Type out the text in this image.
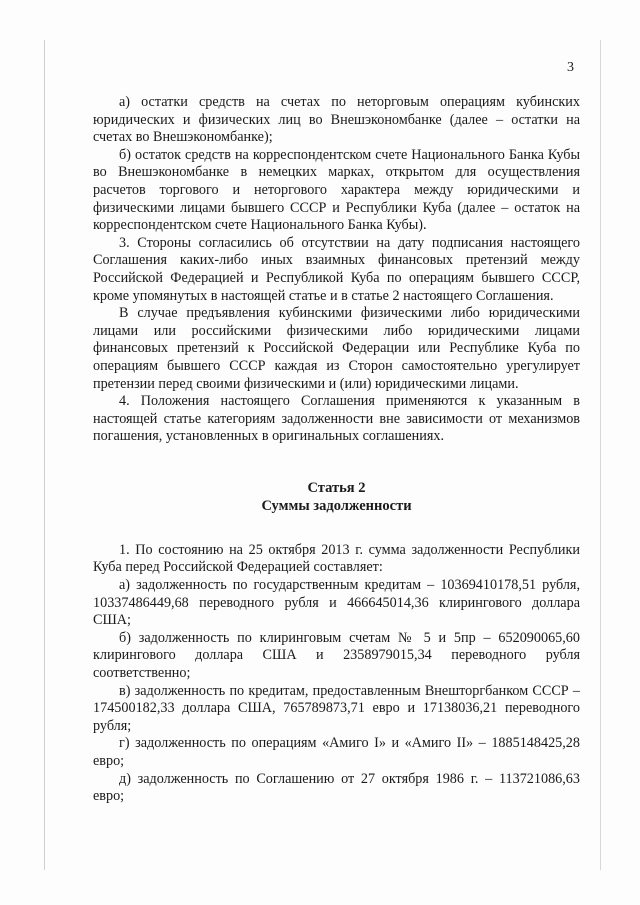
3

а) остатки средств на счетах по неторговым операциям кубинских юридических и физических лиц во Внешэкономбанке (далее – остатки на счетах во Внешэкономбанке);

б) остаток средств на корреспондентском счете Национального Банка Кубы во Внешэкономбанке в немецких марках, открытом для осуществления расчетов торгового и неторгового характера между юридическими и физическими лицами бывшего СССР и Республики Куба (далее – остаток на корреспондентском счете Национального Банка Кубы).

3. Стороны согласились об отсутствии на дату подписания настоящего Соглашения каких-либо иных взаимных финансовых претензий между Российской Федерацией и Республикой Куба по операциям бывшего СССР, кроме упомянутых в настоящей статье и в статье 2 настоящего Соглашения.

В случае предъявления кубинскими физическими либо юридическими лицами или российскими физическими либо юридическими лицами финансовых претензий к Российской Федерации или Республике Куба по операциям бывшего СССР каждая из Сторон самостоятельно урегулирует претензии перед своими физическими и (или) юридическими лицами.

4. Положения настоящего Соглашения применяются к указанным в настоящей статье категориям задолженности вне зависимости от механизмов погашения, установленных в оригинальных соглашениях.

Статья 2

Суммы задолженности

1. По состоянию на 25 октября 2013 г. сумма задолженности Республики Куба перед Российской Федерацией составляет:

а) задолженность по государственным кредитам – 10369410178,51 рубля, 10337486449,68 переводного рубля и 466645014,36 клирингового доллара США;

б) задолженность по клиринговым счетам № 5 и 5пр – 652090065,60 клирингового доллара США и 2358979015,34 переводного рубля соответственно;

в) задолженность по кредитам, предоставленным Внешторгбанком СССР – 174500182,33 доллара США, 765789873,71 евро и 17138036,21 переводного рубля;

г) задолженность по операциям «Амиго I» и «Амиго II» – 1885148425,28 евро;

д) задолженность по Соглашению от 27 октября 1986 г. – 113721086,63 евро;
